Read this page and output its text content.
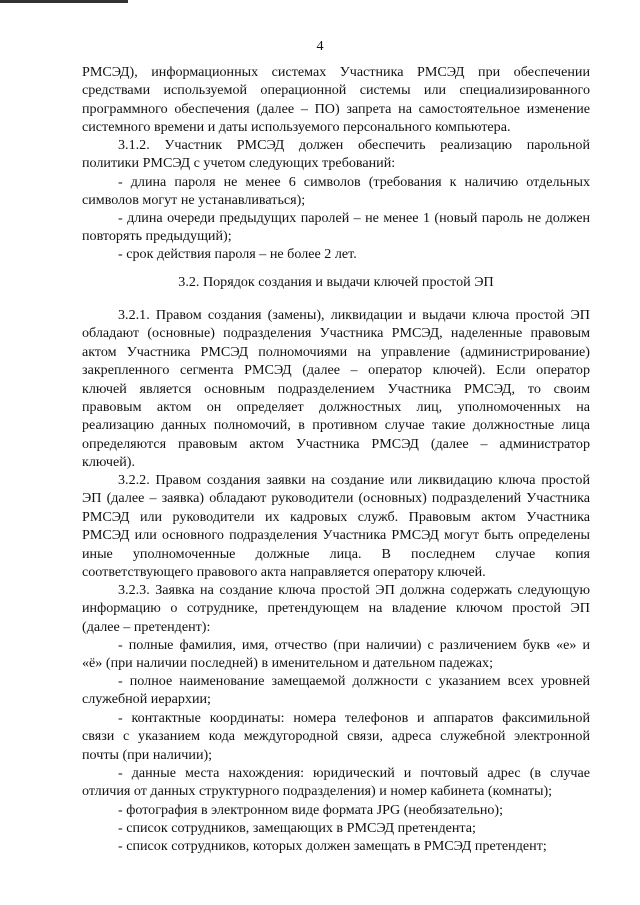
4
РМСЭД), информационных системах Участника РМСЭД при обеспечении
средствами используемой операционной системы или специализированного
программного обеспечения (далее – ПО) запрета на самостоятельное изменение
системного времени и даты используемого персонального компьютера.
3.1.2. Участник РМСЭД должен обеспечить реализацию парольной
политики РМСЭД с учетом следующих требований:
- длина пароля не менее 6 символов (требования к наличию отдельных
символов могут не устанавливаться);
- длина очереди предыдущих паролей – не менее 1 (новый пароль не должен
повторять предыдущий);
- срок действия пароля – не более 2 лет.
3.2. Порядок создания и выдачи ключей простой ЭП
3.2.1. Правом создания (замены), ликвидации и выдачи ключа простой ЭП
обладают (основные) подразделения Участника РМСЭД, наделенные правовым
актом Участника РМСЭД полномочиями на управление (администрирование)
закрепленного сегмента РМСЭД (далее – оператор ключей). Если оператор
ключей является основным подразделением Участника РМСЭД, то своим
правовым актом он определяет должностных лиц, уполномоченных на
реализацию данных полномочий, в противном случае такие должностные лица
определяются правовым актом Участника РМСЭД (далее – администратор
ключей).
3.2.2. Правом создания заявки на создание или ликвидацию ключа простой
ЭП (далее – заявка) обладают руководители (основных) подразделений Участника
РМСЭД или руководители их кадровых служб. Правовым актом Участника
РМСЭД или основного подразделения Участника РМСЭД могут быть определены
иные уполномоченные должные лица. В последнем случае копия
соответствующего правового акта направляется оператору ключей.
3.2.3. Заявка на создание ключа простой ЭП должна содержать следующую
информацию о сотруднике, претендующем на владение ключом простой ЭП
(далее – претендент):
- полные фамилия, имя, отчество (при наличии) с различением букв «е» и
«ё» (при наличии последней) в именительном и дательном падежах;
- полное наименование замещаемой должности с указанием всех уровней
служебной иерархии;
- контактные координаты: номера телефонов и аппаратов факсимильной
связи с указанием кода междугородной связи, адреса служебной электронной
почты (при наличии);
- данные места нахождения: юридический и почтовый адрес (в случае
отличия от данных структурного подразделения) и номер кабинета (комнаты);
- фотография в электронном виде формата JPG (необязательно);
- список сотрудников, замещающих в РМСЭД претендента;
- список сотрудников, которых должен замещать в РМСЭД претендент;
